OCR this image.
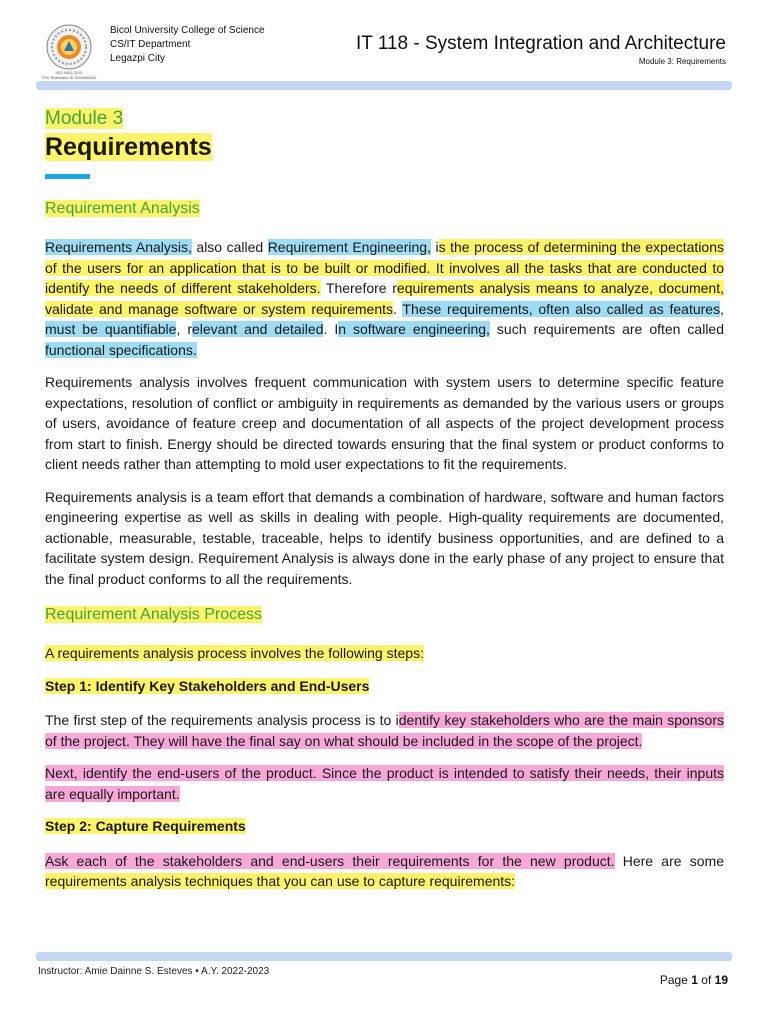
ISO 9001:2015
TÜV Rheinland ID 9108650811
Bicol University College of Science
CS/IT Department
Legazpi City
IT 118 - System Integration and Architecture
Module 3: Requirements
Module 3
Requirements
Requirement Analysis

Requirements Analysis, also called Requirement Engineering, is the process of determining the expectations of the users for an application that is to be built or modified. It involves all the tasks that are conducted to identify the needs of different stakeholders. Therefore requirements analysis means to analyze, document, validate and manage software or system requirements. These requirements, often also called as features, must be quantifiable, relevant and detailed. In software engineering, such requirements are often called functional specifications.

Requirements analysis involves frequent communication with system users to determine specific feature expectations, resolution of conflict or ambiguity in requirements as demanded by the various users or groups of users, avoidance of feature creep and documentation of all aspects of the project development process from start to finish. Energy should be directed towards ensuring that the final system or product conforms to client needs rather than attempting to mold user expectations to fit the requirements.

Requirements analysis is a team effort that demands a combination of hardware, software and human factors engineering expertise as well as skills in dealing with people. High-quality requirements are documented, actionable, measurable, testable, traceable, helps to identify business opportunities, and are defined to a facilitate system design. Requirement Analysis is always done in the early phase of any project to ensure that the final product conforms to all the requirements.

Requirement Analysis Process

A requirements analysis process involves the following steps:

Step 1: Identify Key Stakeholders and End-Users

The first step of the requirements analysis process is to identify key stakeholders who are the main sponsors of the project. They will have the final say on what should be included in the scope of the project.

Next, identify the end-users of the product. Since the product is intended to satisfy their needs, their inputs are equally important.

Step 2: Capture Requirements

Ask each of the stakeholders and end-users their requirements for the new product. Here are some requirements analysis techniques that you can use to capture requirements:

Instructor: Amie Dainne S. Esteves • A.Y. 2022-2023
Page 1 of 19
